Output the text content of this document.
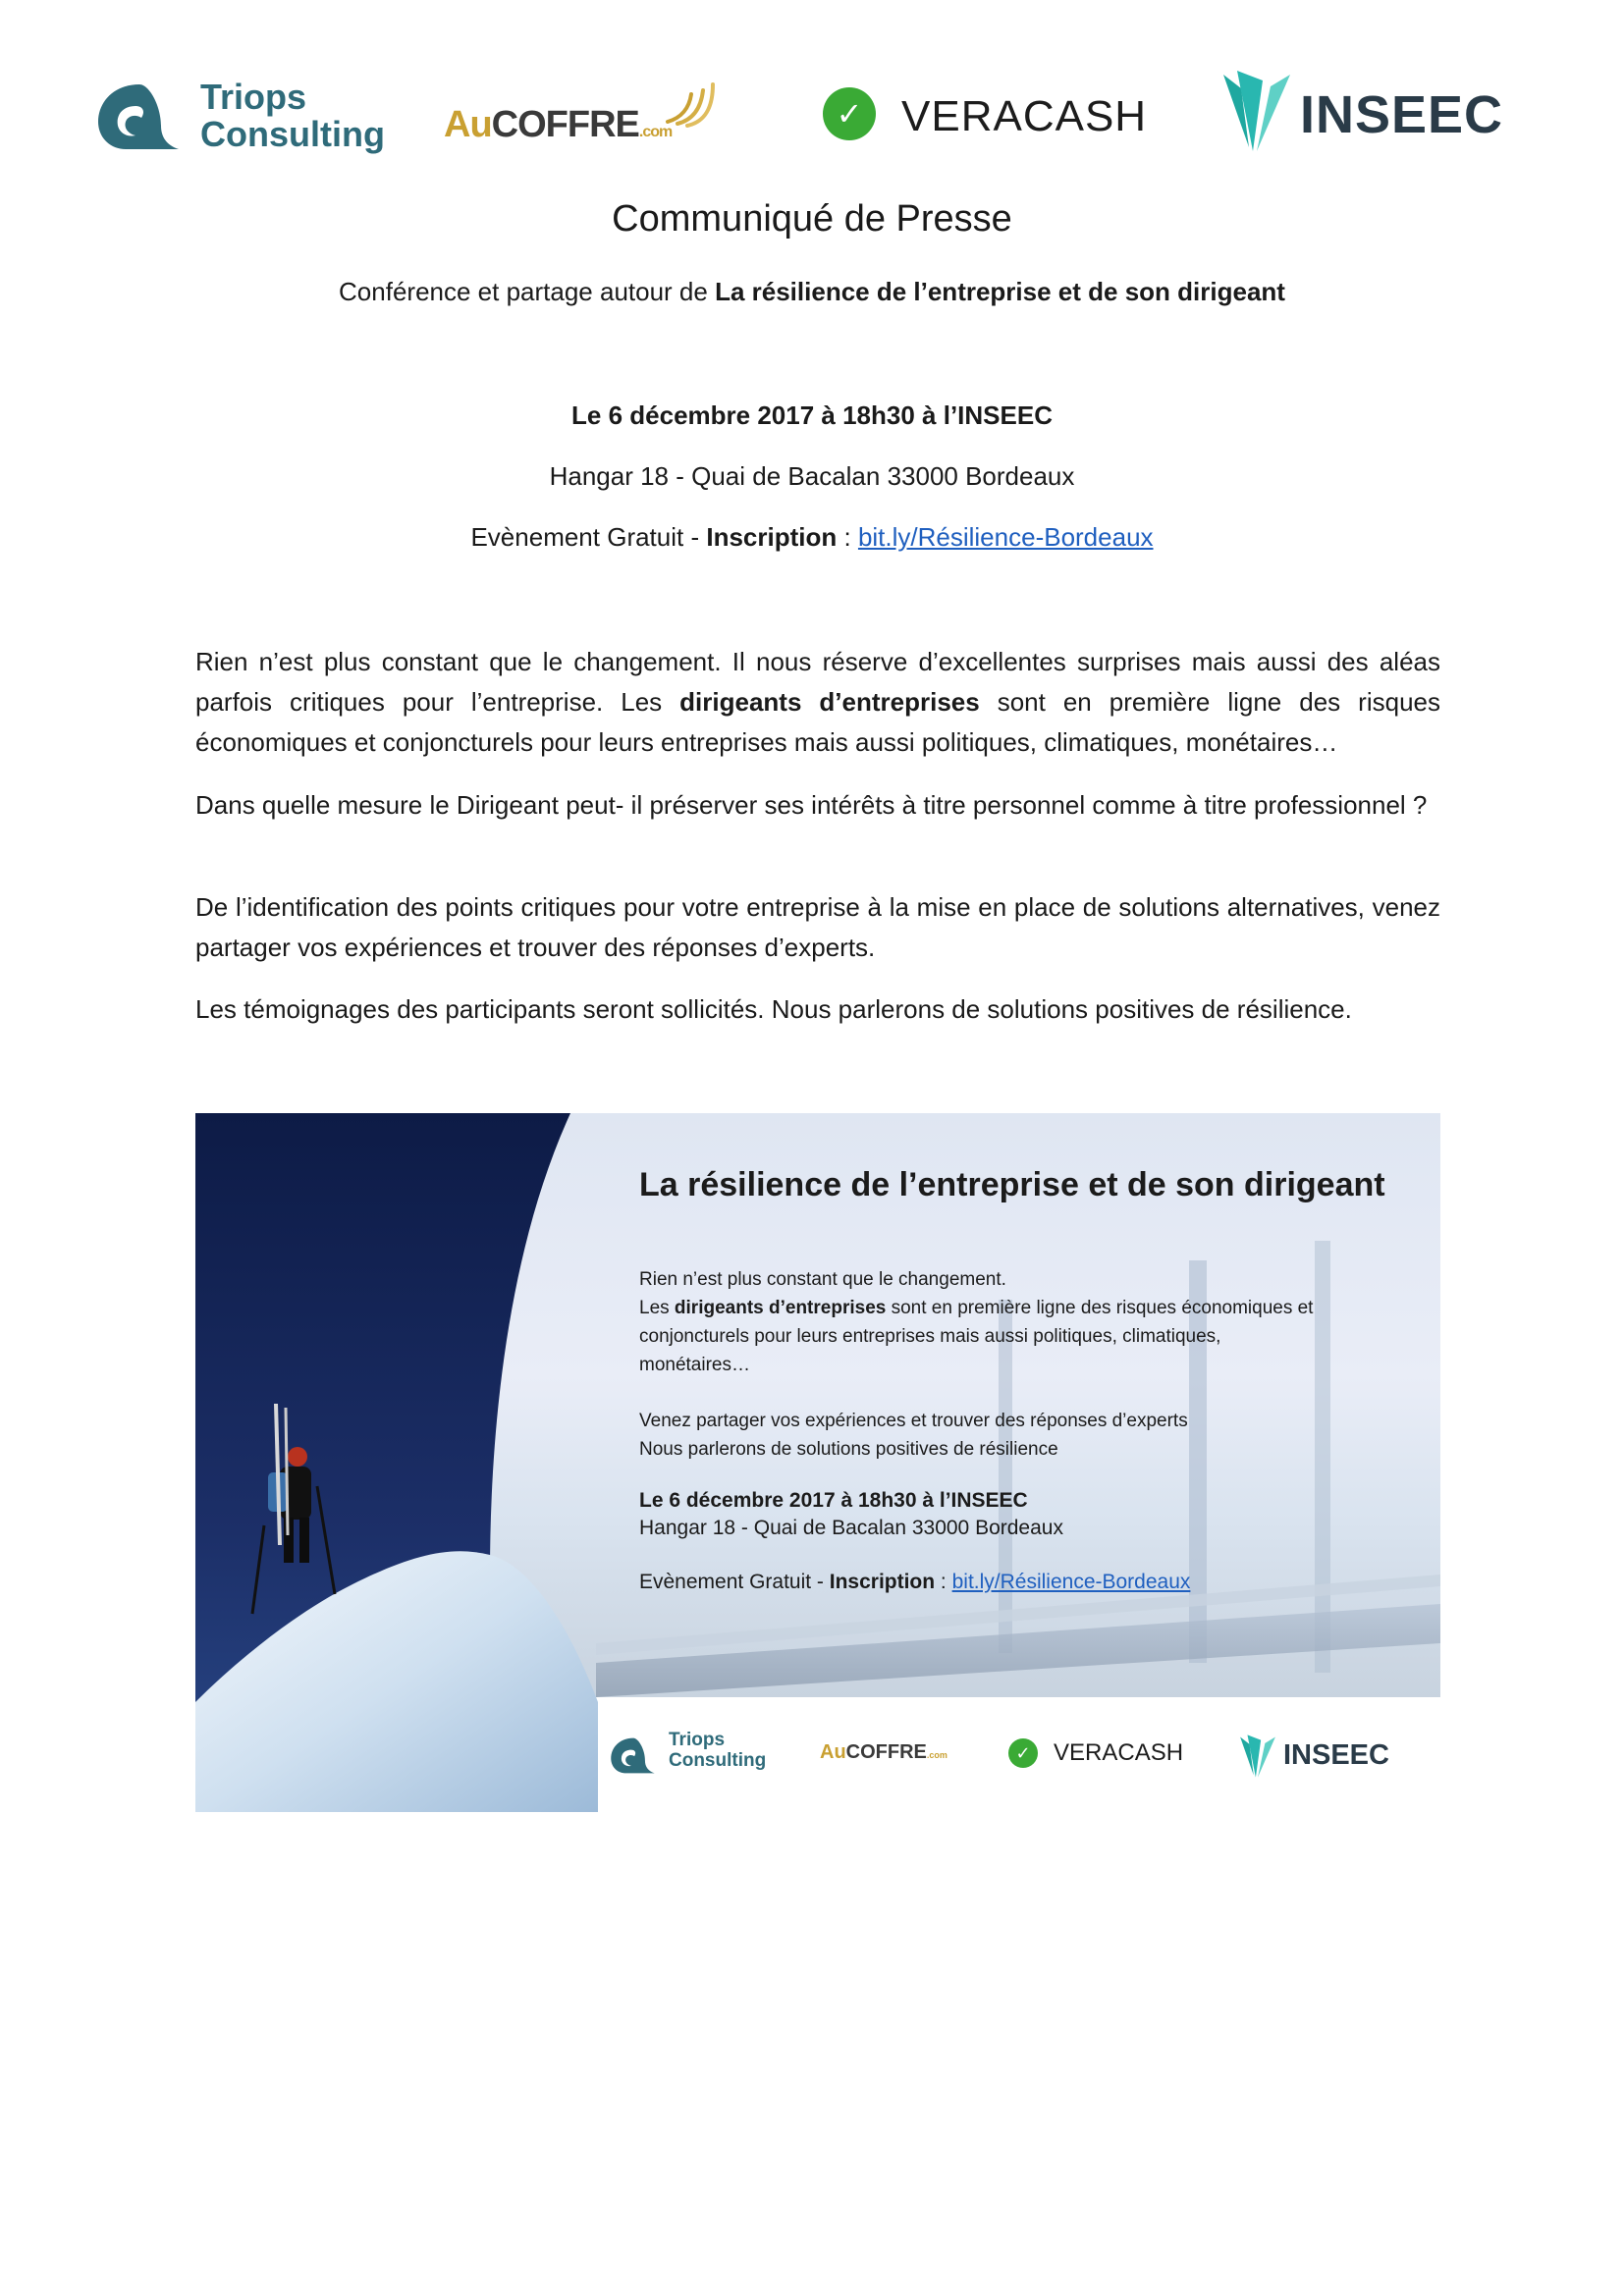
Triops
Consulting AuCOFFRE.com
✓ VERACASH	INSEEC
Communiqué de Presse
Conférence et partage autour de La résilience de l’entreprise et de son dirigeant
Le 6 décembre 2017 à 18h30 à l’INSEEC
Hangar 18 - Quai de Bacalan 33000 Bordeaux
Evènement Gratuit - Inscription : bit.ly/Résilience-Bordeaux
Rien n’est plus constant que le changement. Il nous réserve d’excellentes surprises mais aussi des aléas parfois critiques pour l’entreprise. Les dirigeants d’entreprises sont en première ligne des risques économiques et conjoncturels pour leurs entreprises mais aussi politiques, climatiques, monétaires…
Dans quelle mesure le Dirigeant peut- il préserver ses intérêts à titre personnel comme à titre professionnel ?
De l’identification des points critiques pour votre entreprise à la mise en place de solutions alternatives, venez partager vos expériences et trouver des réponses d’experts.
Les témoignages des participants seront sollicités. Nous parlerons de solutions positives de résilience.
La résilience de l’entreprise et de son dirigeant
Rien n’est plus constant que le changement.
Les dirigeants d’entreprises sont en première ligne des risques économiques et
conjoncturels pour leurs entreprises mais aussi politiques, climatiques,
monétaires…
Venez partager vos expériences et trouver des réponses d’experts
Nous parlerons de solutions positives de résilience
Le 6 décembre 2017 à 18h30 à l’INSEEC
Hangar 18 - Quai de Bacalan 33000 Bordeaux
Evènement Gratuit - Inscription : bit.ly/Résilience-Bordeaux
Triops
Consulting	AuCOFFRE.com	✓ VERACASH	INSEEC
